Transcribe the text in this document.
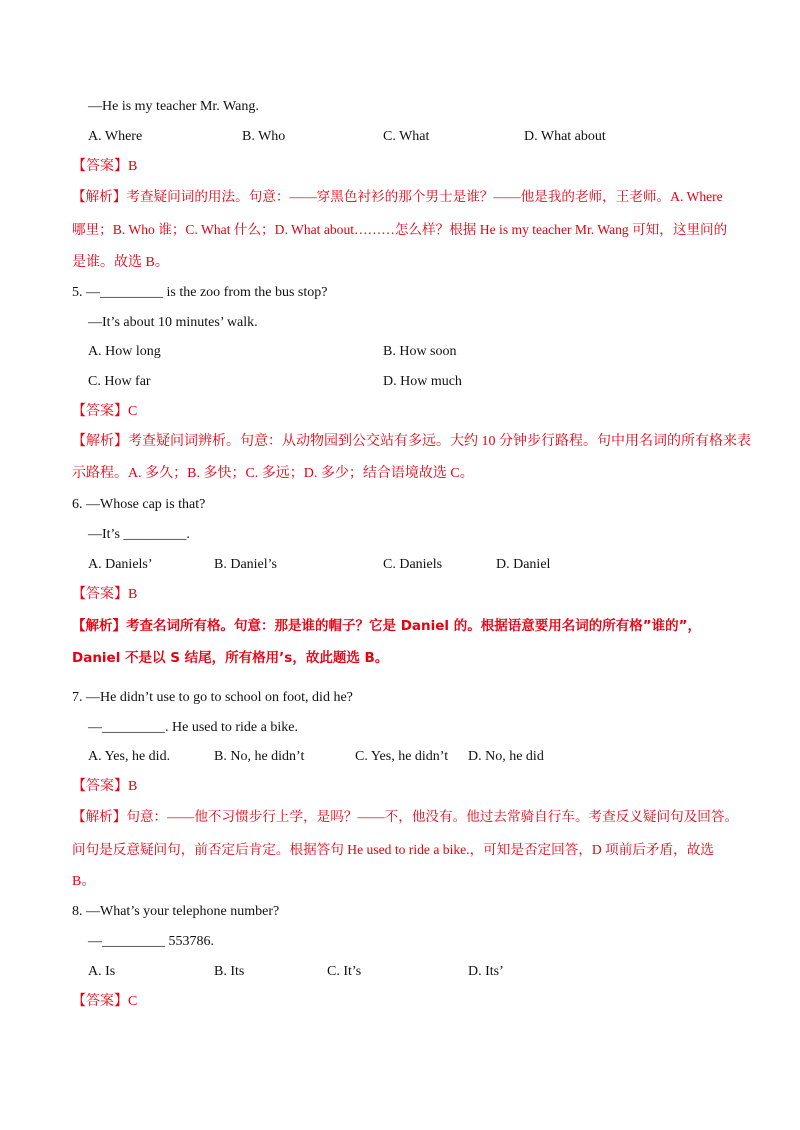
—He is my teacher Mr. Wang.
A. Where	B. Who	C. What	D. What about
【答案】B
【解析】考查疑问词的用法。句意：——穿黑色衬衫的那个男士是谁？——他是我的老师，王老师。A. Where
哪里；B. Who 谁；C. What 什么；D. What about………怎么样？根据 He is my teacher Mr. Wang 可知，这里问的
是谁。故选 B。
5. —_________ is the zoo from the bus stop?
—It’s about 10 minutes’ walk.
A. How long	B. How soon
C. How far	D. How much
【答案】C
【解析】考查疑问词辨析。句意：从动物园到公交站有多远。大约 10 分钟步行路程。句中用名词的所有格来表
示路程。A. 多久；B. 多快；C. 多远；D. 多少；结合语境故选 C。
6. —Whose cap is that?
—It’s _________.
A. Daniels’	B. Daniel’s	C. Daniels	D. Daniel
【答案】B
【解析】考查名词所有格。句意：那是谁的帽子？它是 Daniel 的。根据语意要用名词的所有格”谁的”，
Daniel 不是以 S 结尾，所有格用’s，故此题选 B。
7. —He didn’t use to go to school on foot, did he?
—_________. He used to ride a bike.
A. Yes, he did.	B. No, he didn’t	C. Yes, he didn’t D. No, he did
【答案】B
【解析】句意：——他不习惯步行上学，是吗？——不，他没有。他过去常骑自行车。考查反义疑问句及回答。
问句是反意疑问句，前否定后肯定。根据答句 He used to ride a bike.，可知是否定回答，D 项前后矛盾，故选
B。
8. —What’s your telephone number?
—_________ 553786.
A. Is	B. Its	C. It’s	D. Its’
【答案】C
